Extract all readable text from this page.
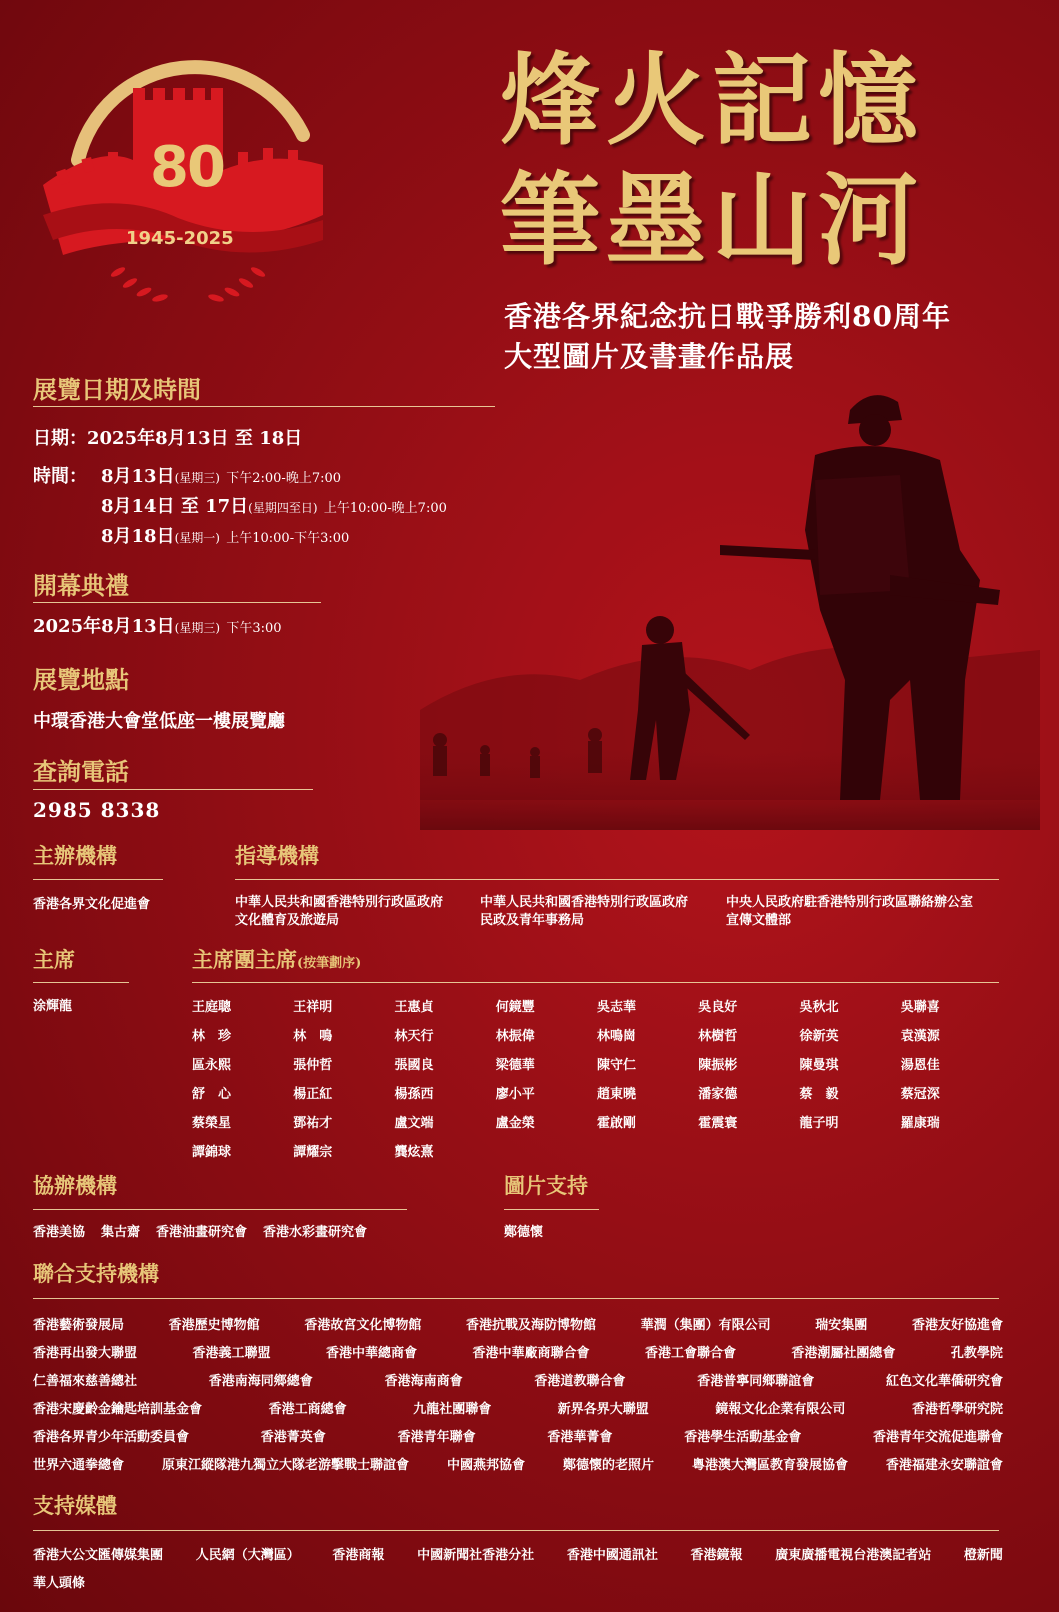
80
1945-2025
烽火記憶
筆墨山河
香港各界紀念抗日戰爭勝利80周年
大型圖片及書畫作品展
展覽日期及時間
日期：2025年8月13日 至 18日
時間： 8月13日(星期三) 下午2:00-晚上7:00
8月14日 至 17日(星期四至日) 上午10:00-晚上7:00
8月18日(星期一) 上午10:00-下午3:00
開幕典禮
2025年8月13日(星期三) 下午3:00
展覽地點
中環香港大會堂低座一樓展覽廳
查詢電話
2985 8338
主辦機構
香港各界文化促進會
指導機構
中華人民共和國香港特別行政區政府
文化體育及旅遊局
中華人民共和國香港特別行政區政府
民政及青年事務局
中央人民政府駐香港特別行政區聯絡辦公室
宣傳文體部
主席
涂輝龍
主席團主席(按筆劃序)
王庭聰	王祥明	王惠貞	何鏡豐	吳志華	吳良好	吳秋北	吳聯喜
林　珍	林　鳴	林天行	林振偉	林鳴崗	林樹哲	徐新英	袁漢源
區永熙	張仲哲	張國良	梁德華	陳守仁	陳振彬	陳曼琪	湯恩佳
舒　心	楊正紅	楊孫西	廖小平	趙東曉	潘家德	蔡　毅	蔡冠深
蔡榮星	鄧祐才	盧文端	盧金榮	霍啟剛	霍震寰	龍子明	羅康瑞
譚錦球	譚耀宗	龔炫熹
協辦機構
香港美協 集古齋 香港油畫研究會 香港水彩畫研究會
圖片支持
鄭德懷
聯合支持機構
支持媒體
香港大公文匯傳媒集團	人民網（大灣區）	香港商報	中國新聞社香港分社	香港中國通訊社	香港鏡報	廣東廣播電視台港澳記者站	橙新聞
華人頭條
香港藝術發展局	香港歷史博物館	香港故宮文化博物館	香港抗戰及海防博物館	華潤（集團）有限公司	瑞安集團	香港友好協進會
香港再出發大聯盟	香港義工聯盟	香港中華總商會	香港中華廠商聯合會	香港工會聯合會	香港潮屬社團總會	孔教學院
仁善福來慈善總社	香港南海同鄉總會	香港海南商會	香港道教聯合會	香港普寧同鄉聯誼會	紅色文化華僑研究會
香港宋慶齡金鑰匙培訓基金會	香港工商總會	九龍社團聯會	新界各界大聯盟	鏡報文化企業有限公司	香港哲學研究院
香港各界青少年活動委員會	香港菁英會	香港青年聯會	香港華菁會	香港學生活動基金會	香港青年交流促進聯會
世界六通拳總會	原東江縱隊港九獨立大隊老游擊戰士聯誼會	中國燕邦協會	鄭德懷的老照片	粵港澳大灣區教育發展協會	香港福建永安聯誼會
